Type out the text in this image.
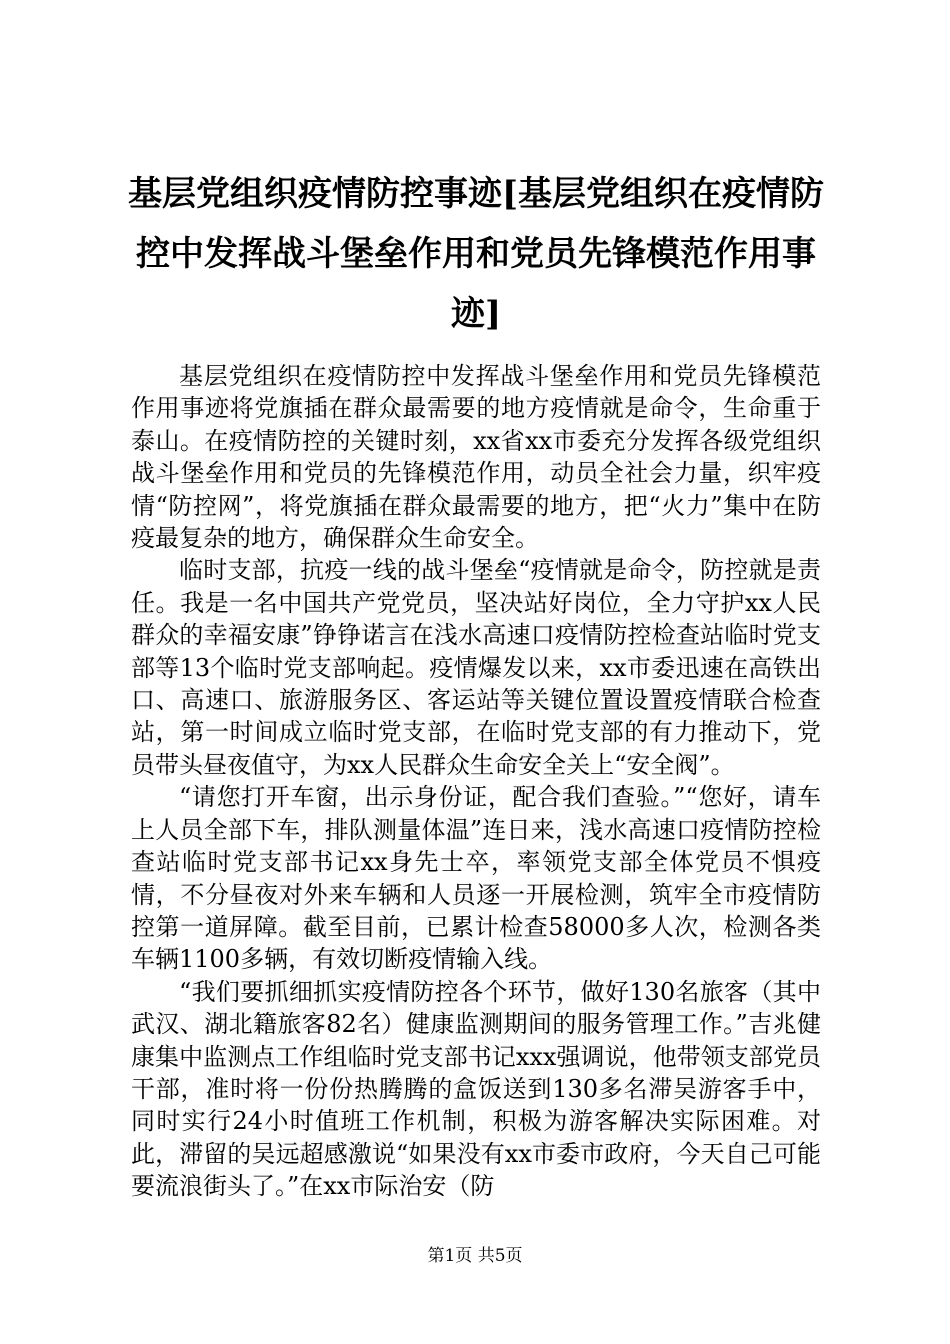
基层党组织疫情防控事迹[基层党组织在疫情防控中发挥战斗堡垒作用和党员先锋模范作用事迹]

基层党组织在疫情防控中发挥战斗堡垒作用和党员先锋模范作用事迹将党旗插在群众最需要的地方疫情就是命令，生命重于泰山。在疫情防控的关键时刻，xx省xx市委充分发挥各级党组织战斗堡垒作用和党员的先锋模范作用，动员全社会力量，织牢疫情“防控网”，将党旗插在群众最需要的地方，把“火力”集中在防疫最复杂的地方，确保群众生命安全。

临时支部，抗疫一线的战斗堡垒“疫情就是命令，防控就是责任。我是一名中国共产党党员，坚决站好岗位，全力守护xx人民群众的幸福安康”铮铮诺言在浅水高速口疫情防控检查站临时党支部等13个临时党支部响起。疫情爆发以来，xx市委迅速在高铁出口、高速口、旅游服务区、客运站等关键位置设置疫情联合检查站，第一时间成立临时党支部，在临时党支部的有力推动下，党员带头昼夜值守，为xx人民群众生命安全关上“安全阀”。

“请您打开车窗，出示身份证，配合我们查验。”“您好，请车上人员全部下车，排队测量体温”连日来，浅水高速口疫情防控检查站临时党支部书记xx身先士卒，率领党支部全体党员不惧疫情，不分昼夜对外来车辆和人员逐一开展检测，筑牢全市疫情防控第一道屏障。截至目前，已累计检查58000多人次，检测各类车辆1100多辆，有效切断疫情输入线。

“我们要抓细抓实疫情防控各个环节，做好130名旅客（其中武汉、湖北籍旅客82名）健康监测期间的服务管理工作。”吉兆健康集中监测点工作组临时党支部书记xxx强调说，他带领支部党员干部，准时将一份份热腾腾的盒饭送到130多名滞吴游客手中，同时实行24小时值班工作机制，积极为游客解决实际困难。对此，滞留的吴远超感激说“如果没有xx市委市政府，今天自己可能要流浪街头了。”在xx市际治安（防

第1页 共5页
